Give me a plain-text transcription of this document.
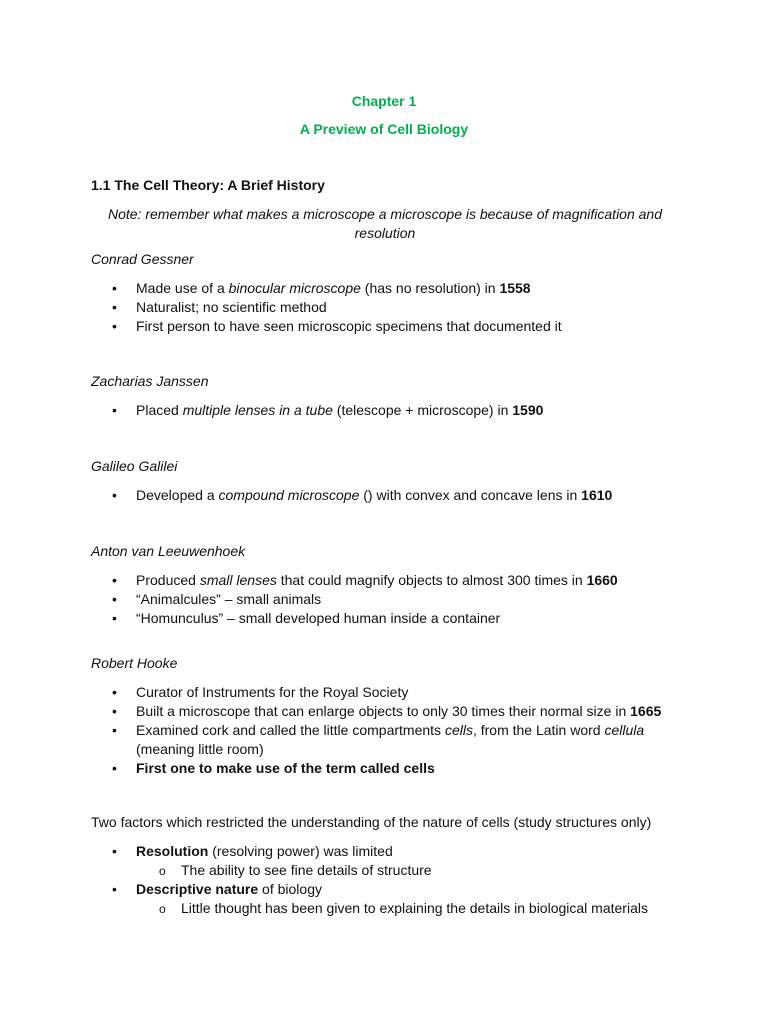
Chapter 1
A Preview of Cell Biology
1.1 The Cell Theory: A Brief History
Note: remember what makes a microscope a microscope is because of magnification and resolution
Conrad Gessner
• Made use of a binocular microscope (has no resolution) in 1558
• Naturalist; no scientific method
• First person to have seen microscopic specimens that documented it
Zacharias Janssen
• Placed multiple lenses in a tube (telescope + microscope) in 1590
Galileo Galilei
• Developed a compound microscope () with convex and concave lens in 1610
Anton van Leeuwenhoek
• Produced small lenses that could magnify objects to almost 300 times in 1660
• “Animalcules” – small animals
• “Homunculus” – small developed human inside a container
Robert Hooke
• Curator of Instruments for the Royal Society
• Built a microscope that can enlarge objects to only 30 times their normal size in 1665
• Examined cork and called the little compartments cells, from the Latin word cellula
(meaning little room)
• First one to make use of the term called cells
Two factors which restricted the understanding of the nature of cells (study structures only)
• Resolution (resolving power) was limited
o The ability to see fine details of structure
• Descriptive nature of biology
o Little thought has been given to explaining the details in biological materials
